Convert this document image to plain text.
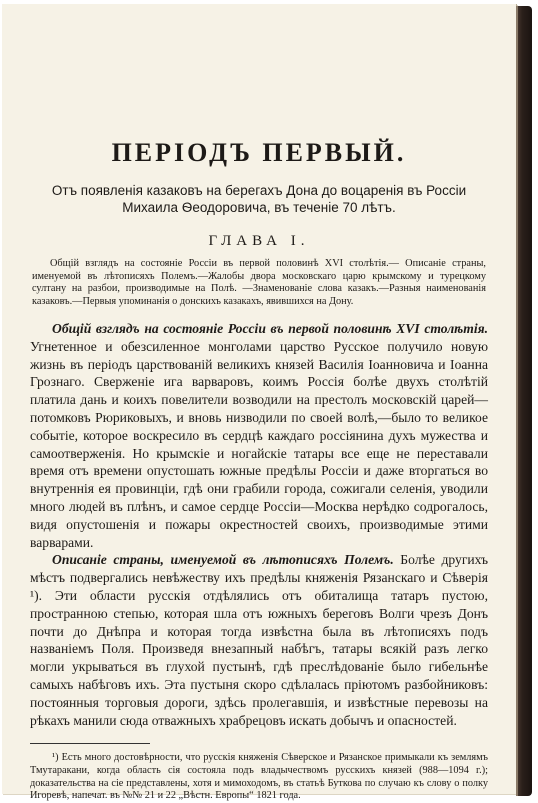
ПЕРIОДЪ ПЕРВЫЙ.

Отъ появленія казаковъ на берегахъ Дона до воцаренія въ Россіи

Михаила Ѳеодоровича, въ теченіе 70 лѣтъ.

ГЛАВА I.

Общій взглядъ на состояніе Россіи въ первой половинѣ XVI столѣтія.— Описаніе страны, именуемой въ лѣтописяхъ Полемъ.—Жалобы двора московскаго царю крымскому и турецкому султану на разбои, производимые на Полѣ. —Знаменованіе слова казакъ.—Разныя наименованія казаковъ.—Первыя упоминанія о донскихъ казакахъ, явившихся на Дону.

Общій взглядъ на состояніе Россіи въ первой половинѣ XVI столѣтія. Угнетенное и обезсиленное монголами царство Русское получило новую жизнь въ періодъ царствованій великихъ князей Василія Іоанновича и Іоанна Грознаго. Сверженіе ига варваровъ, коимъ Россія болѣе двухъ столѣтій платила дань и коихъ повелители возводили на престолъ московскій царей—потомковъ Рюриковыхъ, и вновь низводили по своей волѣ,—было то великое событіе, которое воскресило въ сердцѣ каждаго россіянина духъ мужества и самоотверженія. Но крымскіе и ногайскіе татары все еще не переставали время отъ времени опустошать южные предѣлы Россіи и даже вторгаться во внутреннія ея провинціи, гдѣ они грабили города, сожигали селенія, уводили много людей въ плѣнъ, и самое сердце Россіи—Москва нерѣдко содрогалось, видя опустошенія и пожары окрестностей своихъ, производимые этими варварами.

Описаніе страны, именуемой въ лѣтописяхъ Полемъ. Болѣе другихъ мѣстъ подвергались невѣжеству ихъ предѣлы княженія Рязанскаго и Сѣверія ¹). Эти области русскія отдѣлялись отъ обиталища татаръ пустою, пространною степью, которая шла отъ южныхъ береговъ Волги чрезъ Донъ почти до Днѣпра и которая тогда извѣстна была въ лѣтописяхъ подъ названіемъ Поля. Произведя внезапный набѣгъ, татары всякій разъ легко могли укрываться въ глухой пустынѣ, гдѣ преслѣдованіе было гибельнѣе самыхъ набѣговъ ихъ. Эта пустыня скоро сдѣлалась пріютомъ разбойниковъ: постоянныя торговыя дороги, здѣсь пролегавшія, и извѣстные перевозы на рѣкахъ манили сюда отважныхъ храбрецовъ искать добычъ и опасностей.

¹) Есть много достовѣрности, что русскія княженія Сѣверское и Рязанское примыкали къ землямъ Тмутаракани, когда область сія состояла подъ владычествомъ русскихъ князей (988—1094 г.); доказательства на сіе представлены, хотя и мимоходомъ, въ статьѣ Буткова по случаю къ слову о полку Игоревѣ, напечат. въ №№ 21 и 22 „Вѣстн. Европы“ 1821 года.
